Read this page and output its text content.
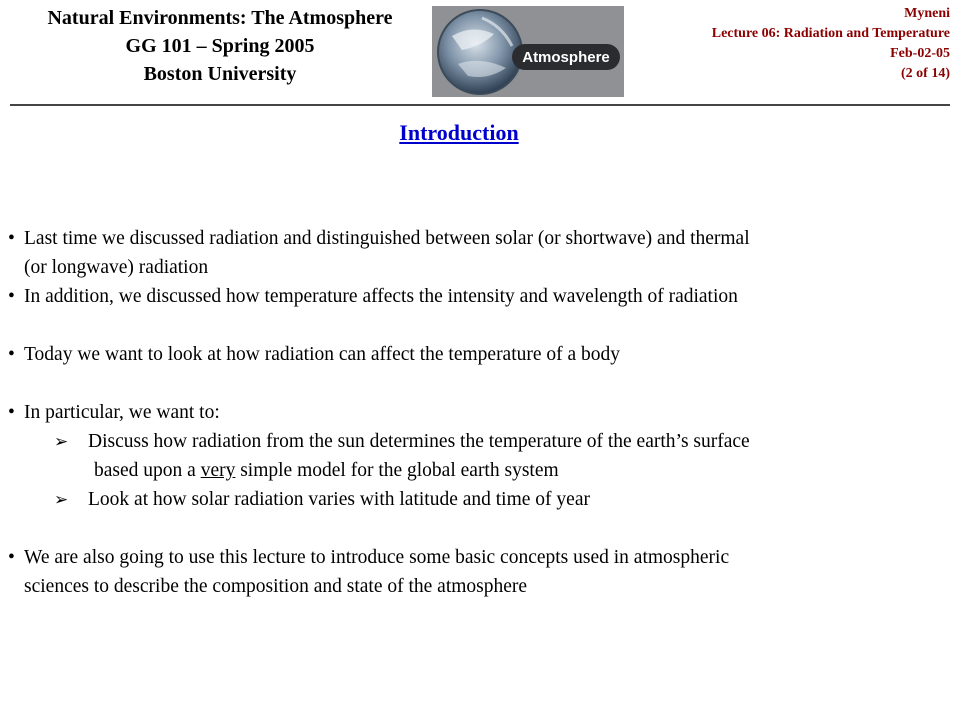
Natural Environments: The Atmosphere
GG 101 – Spring 2005
Boston University
Atmosphere
Myneni
Lecture 06: Radiation and Temperature
Feb-02-05
(2 of 14)
Introduction
• Last time we discussed radiation and distinguished between solar (or shortwave) and thermal
(or longwave) radiation
• In addition, we discussed how temperature affects the intensity and wavelength of radiation
• Today we want to look at how radiation can affect the temperature of a body
• In particular, we want to:
➢ Discuss how radiation from the sun determines the temperature of the earth’s surface
based upon a very simple model for the global earth system
➢ Look at how solar radiation varies with latitude and time of year
• We are also going to use this lecture to introduce some basic concepts used in atmospheric
sciences to describe the composition and state of the atmosphere
